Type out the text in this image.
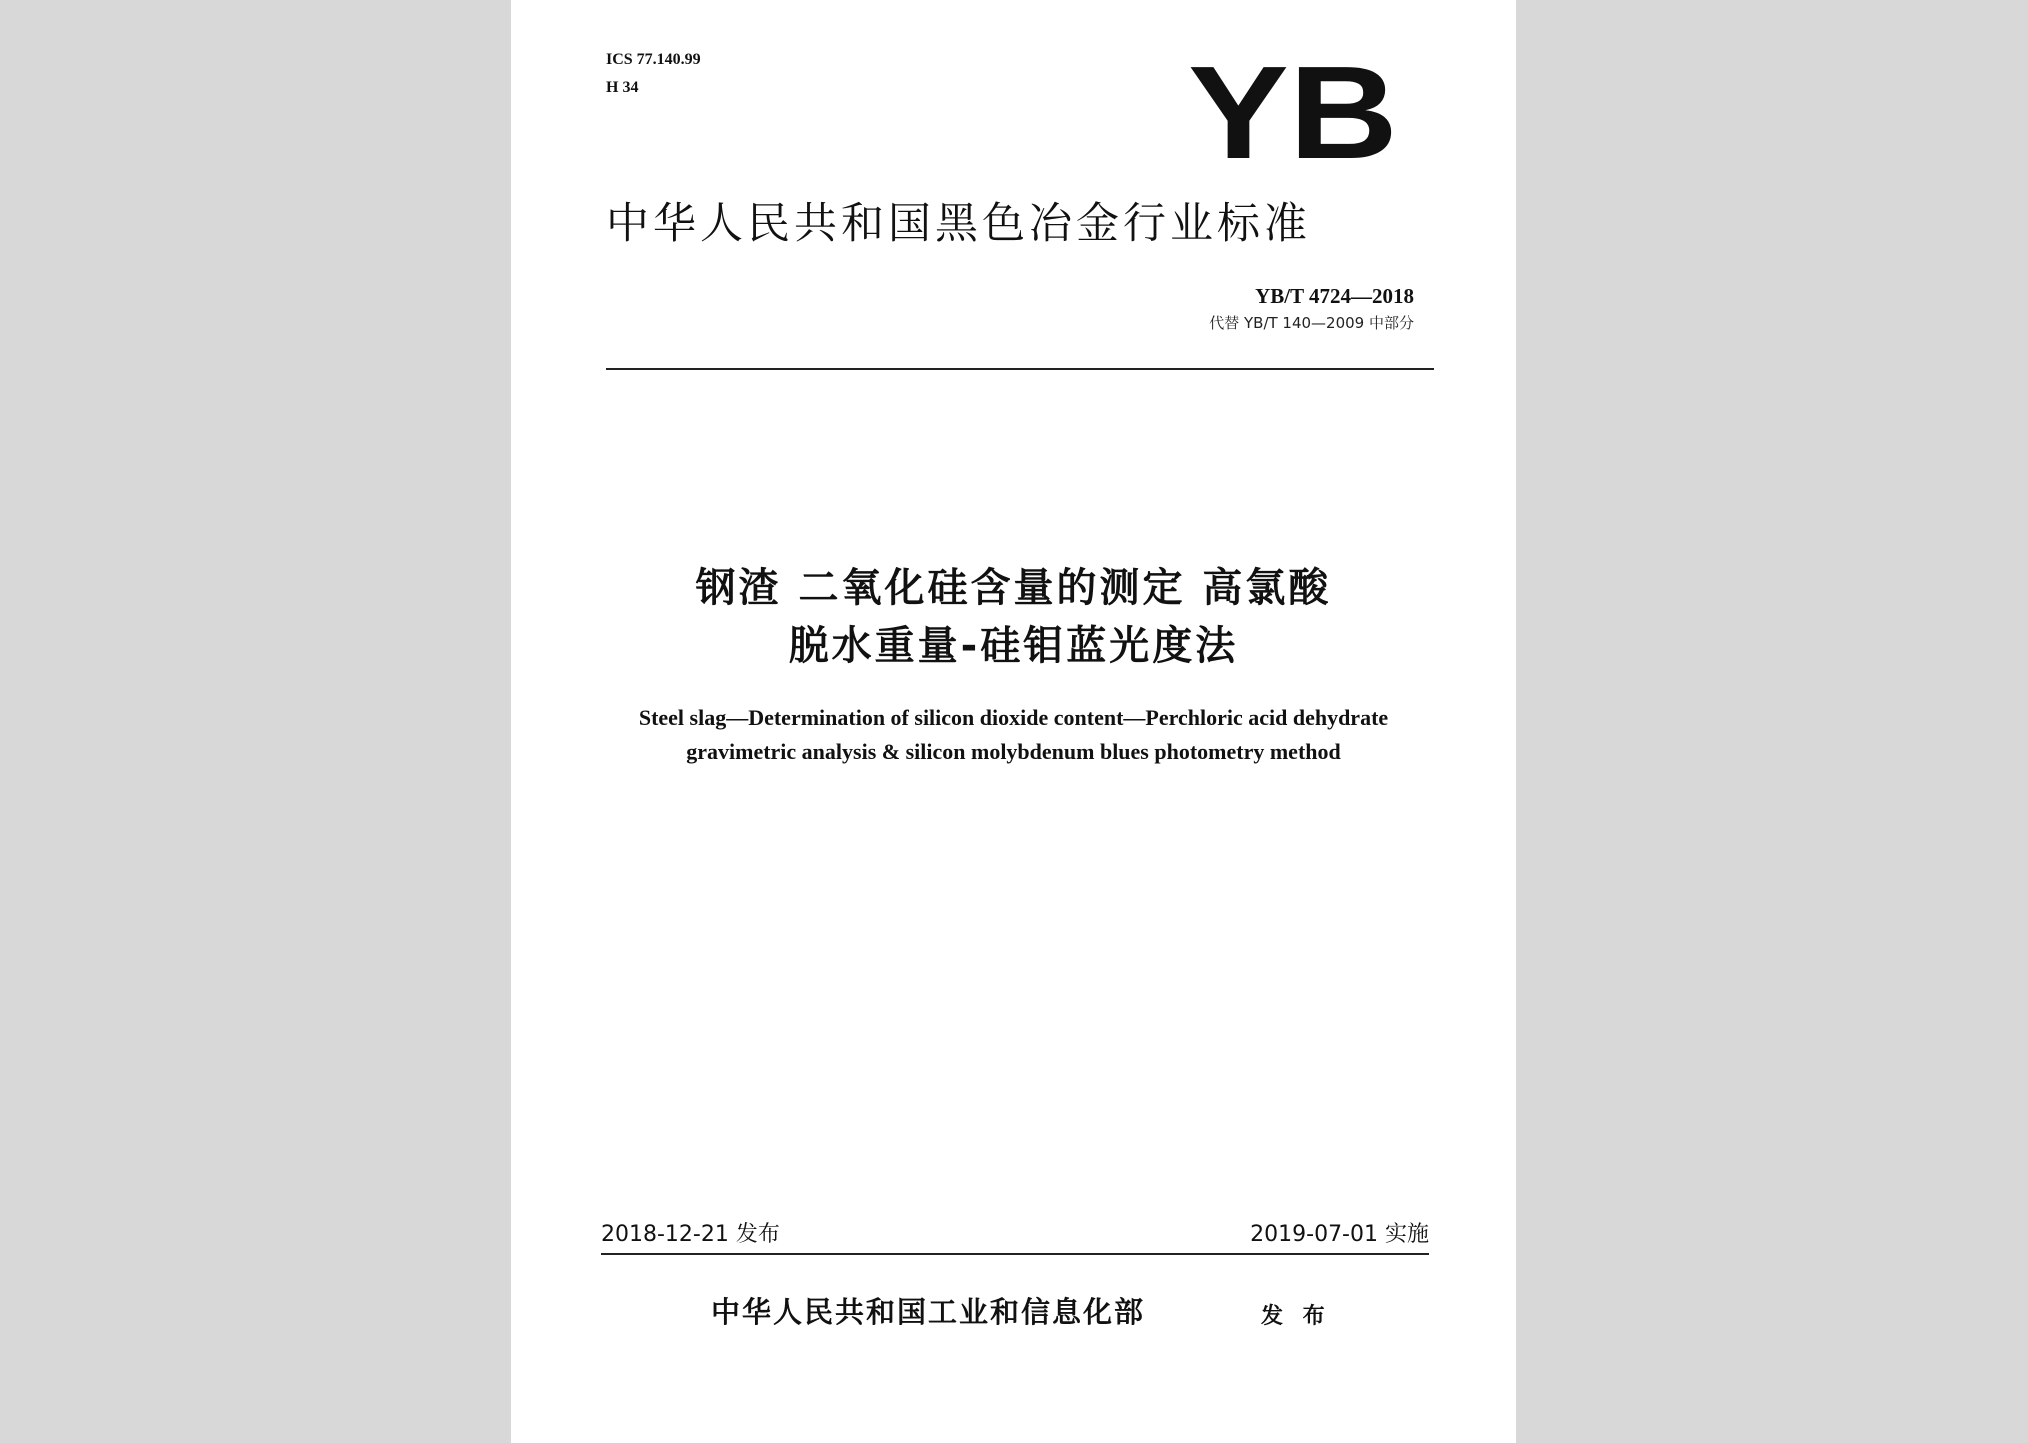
ICS 77.140.99
H 34	YB
中华人民共和国黑色冶金行业标准
YB/T 4724—2018
代替 YB/T 140—2009 中部分
钢渣 二氧化硅含量的测定 高氯酸
脱水重量-硅钼蓝光度法
Steel slag—Determination of silicon dioxide content—Perchloric acid dehydrate
gravimetric analysis & silicon molybdenum blues photometry method
2018-12-21 发布	2019-07-01 实施
中华人民共和国工业和信息化部	发 布
